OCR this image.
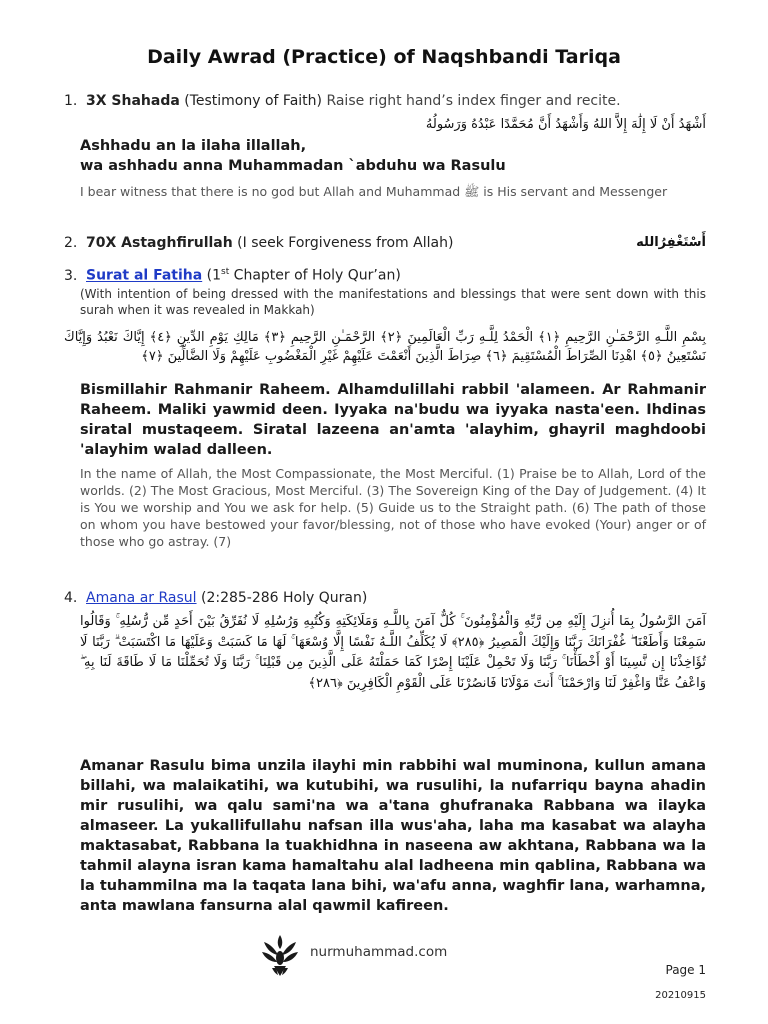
Daily Awrad (Practice) of Naqshbandi Tariqa
1. 3X Shahada (Testimony of Faith) Raise right hand’s index finger and recite.
أَشْهَدُ أَنْ لَا إِلَٰهَ إِلاَّ اللهُ وَأَشْهَدُ أَنَّ مُحَمَّدًا عَبْدُهُ وَرَسُولُهُ
Ashhadu an la ilaha illallah,
wa ashhadu anna Muhammadan `abduhu wa Rasulu
I bear witness that there is no god but Allah and Muhammad ﷺ is His servant and Messenger
2. 70X Astaghfirullah (I seek Forgiveness from Allah)	أَسْتَغْفِرُالله
3. Surat al Fatiha (1st Chapter of Holy Qur’an)
(With intention of being dressed with the manifestations and blessings that were sent down with this surah when it was revealed in Makkah)
بِسْمِ اللَّـهِ الرَّحْمَـٰنِ الرَّحِيمِ ﴿١﴾ الْحَمْدُ لِلَّـهِ رَبِّ الْعَالَمِينَ ﴿٢﴾ الرَّحْمَـٰنِ الرَّحِيمِ ﴿٣﴾ مَالِكِ يَوْمِ الدِّينِ ﴿٤﴾ إِيَّاكَ نَعْبُدُ وَإِيَّاكَ نَسْتَعِينُ ﴿٥﴾ اهْدِنَا الصِّرَاطَ الْمُسْتَقِيمَ ﴿٦﴾ صِرَاطَ الَّذِينَ أَنْعَمْتَ عَلَيْهِمْ غَيْرِ الْمَغْضُوبِ عَلَيْهِمْ وَلَا الضَّالِّينَ ﴿٧﴾
Bismillahir Rahmanir Raheem. Alhamdulillahi rabbil 'alameen. Ar Rahmanir Raheem. Maliki yawmid deen. Iyyaka na'budu wa iyyaka nasta'een. Ihdinas siratal mustaqeem. Siratal lazeena an'amta 'alayhim, ghayril maghdoobi 'alayhim walad dalleen.
In the name of Allah, the Most Compassionate, the Most Merciful. (1) Praise be to Allah, Lord of the worlds. (2) The Most Gracious, Most Merciful. (3) The Sovereign King of the Day of Judgement. (4) It is You we worship and You we ask for help. (5) Guide us to the Straight path. (6) The path of those on whom you have bestowed your favor/blessing, not of those who have evoked (Your) anger or of those who go astray. (7)
4. Amana ar Rasul (2:285-286 Holy Quran)
آمَنَ الرَّسُولُ بِمَا أُنزِلَ إِلَيْهِ مِن رَّبِّهِ وَالْمُؤْمِنُونَ ۚ كُلٌّ آمَنَ بِاللَّـهِ وَمَلَائِكَتِهِ وَكُتُبِهِ وَرُسُلِهِ لَا نُفَرِّقُ بَيْنَ أَحَدٍ مِّن رُّسُلِهِ ۚ وَقَالُوا سَمِعْنَا وَأَطَعْنَا ۖ غُفْرَانَكَ رَبَّنَا وَإِلَيْكَ الْمَصِيرُ ﴿٢٨٥﴾ لَا يُكَلِّفُ اللَّـهُ نَفْسًا إِلَّا وُسْعَهَا ۚ لَهَا مَا كَسَبَتْ وَعَلَيْهَا مَا اكْتَسَبَتْ ۗ رَبَّنَا لَا تُؤَاخِذْنَا إِن نَّسِينَا أَوْ أَخْطَأْنَا ۚ رَبَّنَا وَلَا تَحْمِلْ عَلَيْنَا إِصْرًا كَمَا حَمَلْتَهُ عَلَى الَّذِينَ مِن قَبْلِنَا ۚ رَبَّنَا وَلَا تُحَمِّلْنَا مَا لَا طَاقَةَ لَنَا بِهِ ۖ وَاعْفُ عَنَّا وَاغْفِرْ لَنَا وَارْحَمْنَا ۚ أَنتَ مَوْلَانَا فَانصُرْنَا عَلَى الْقَوْمِ الْكَافِرِينَ ﴿٢٨٦﴾
Amanar Rasulu bima unzila ilayhi min rabbihi wal muminona, kullun amana billahi, wa malaikatihi, wa kutubihi, wa rusulihi, la nufarriqu bayna ahadin mir rusulihi, wa qalu sami'na wa a'tana ghufranaka Rabbana wa ilayka almaseer. La yukallifullahu nafsan illa wus'aha, laha ma kasabat wa alayha maktasabat, Rabbana la tuakhidhna in naseena aw akhtana, Rabbana wa la tahmil alayna isran kama hamaltahu alal ladheena min qablina, Rabbana wa la tuhammilna ma la taqata lana bihi, wa'afu anna, waghfir lana, warhamna, anta mawlana fansurna alal qawmil kafireen.
nurmuhammad.com
Page 1
20210915
